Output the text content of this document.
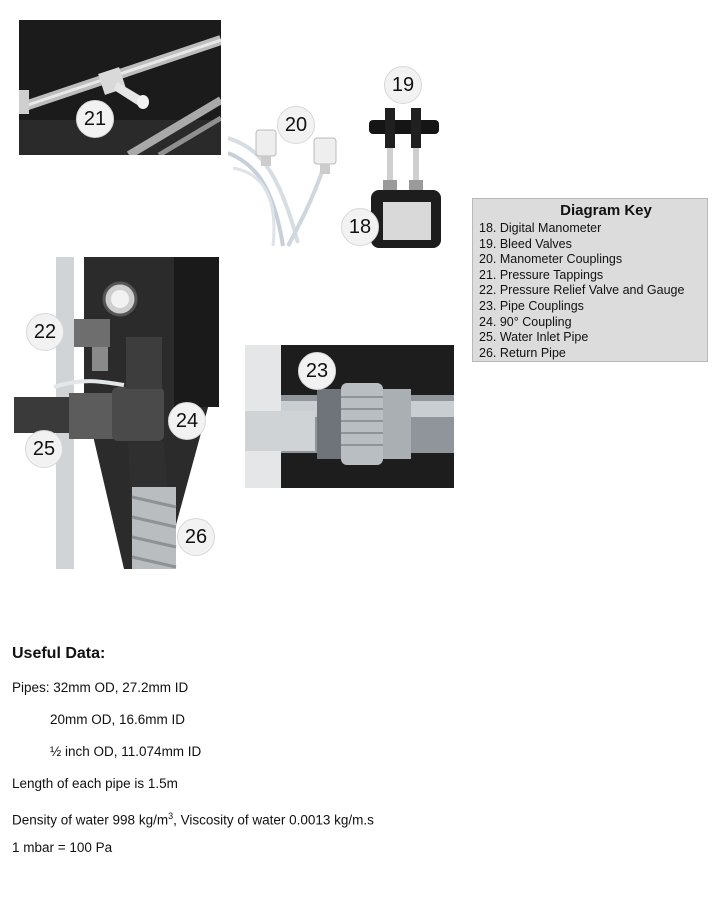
21	20
19
18
Diagram Key
18. Digital Manometer
19. Bleed Valves
20. Manometer Couplings
21. Pressure Tappings
22. Pressure Relief Valve and Gauge
23. Pipe Couplings
24. 90° Coupling
25. Water Inlet Pipe
26. Return Pipe
22
24
25
26
23
Useful Data:
Pipes: 32mm OD, 27.2mm ID
20mm OD, 16.6mm ID
½ inch OD, 11.074mm ID
Length of each pipe is 1.5m
Density of water 998 $kg/m^3$, Viscosity of water 0.0013 kg/m.s
1 mbar = 100 Pa
